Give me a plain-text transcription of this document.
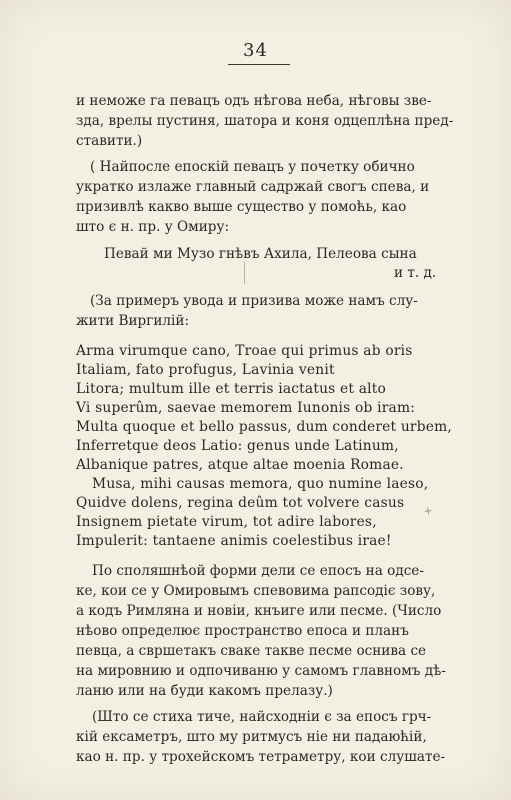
34
и неможе га певацъ одъ нѣгова неба, нѣговы зве-
зда, врелы пустиня, шатора и коня одцеплѣна пред-
ставити.)
( Найпосле епоскій певацъ у почетку обично
укратко излаже главный садржай свогъ спева, и
призивлѣ какво выше существо у помоћь, као
што є н. пр. у Омиру:
Певай ми Музо гнѣвъ Ахила, Пелеова сына
и т. д.
(За примеръ увода и призива може намъ слу-
жити Виргилій:
Arma virumque cano, Troae qui primus ab oris
Italiam, fato profugus, Lavinia venit
Litora; multum ille et terris iactatus et alto
Vi superûm, saevae memorem Iunonis ob iram:
Multa quoque et bello passus, dum conderet urbem,
Inferretque deos Latio: genus unde Latinum,
Albanique patres, atque altae moenia Romae.
Musa, mihi causas memora, quo numine laeso,
Quidve dolens, regina deûm tot volvere casus
Insignem pietate virum, tot adire labores,
Impulerit: tantaene animis coelestibus irae!
По споляшнѣой форми дели се епосъ на одсе-
ке, кои се у Омировымъ спевовима рапсодіє зову,
а кодъ Римляна и новіи, кнъиге или песме. (Число
нѣово определює пространство епоса и планъ
певца, а свршетакъ сваке такве песме оснива се
на мировнию и одпочиваню у самомъ главномъ дѣ-
ланю или на буди какомъ прелазу.)
(Што се стиха тиче, найсходніи є за епосъ грч-
кій ексаметръ, што му ритмусъ ніе ни падаюћій,
као н. пр. у трохейскомъ тетраметру, кои слушате-
+
